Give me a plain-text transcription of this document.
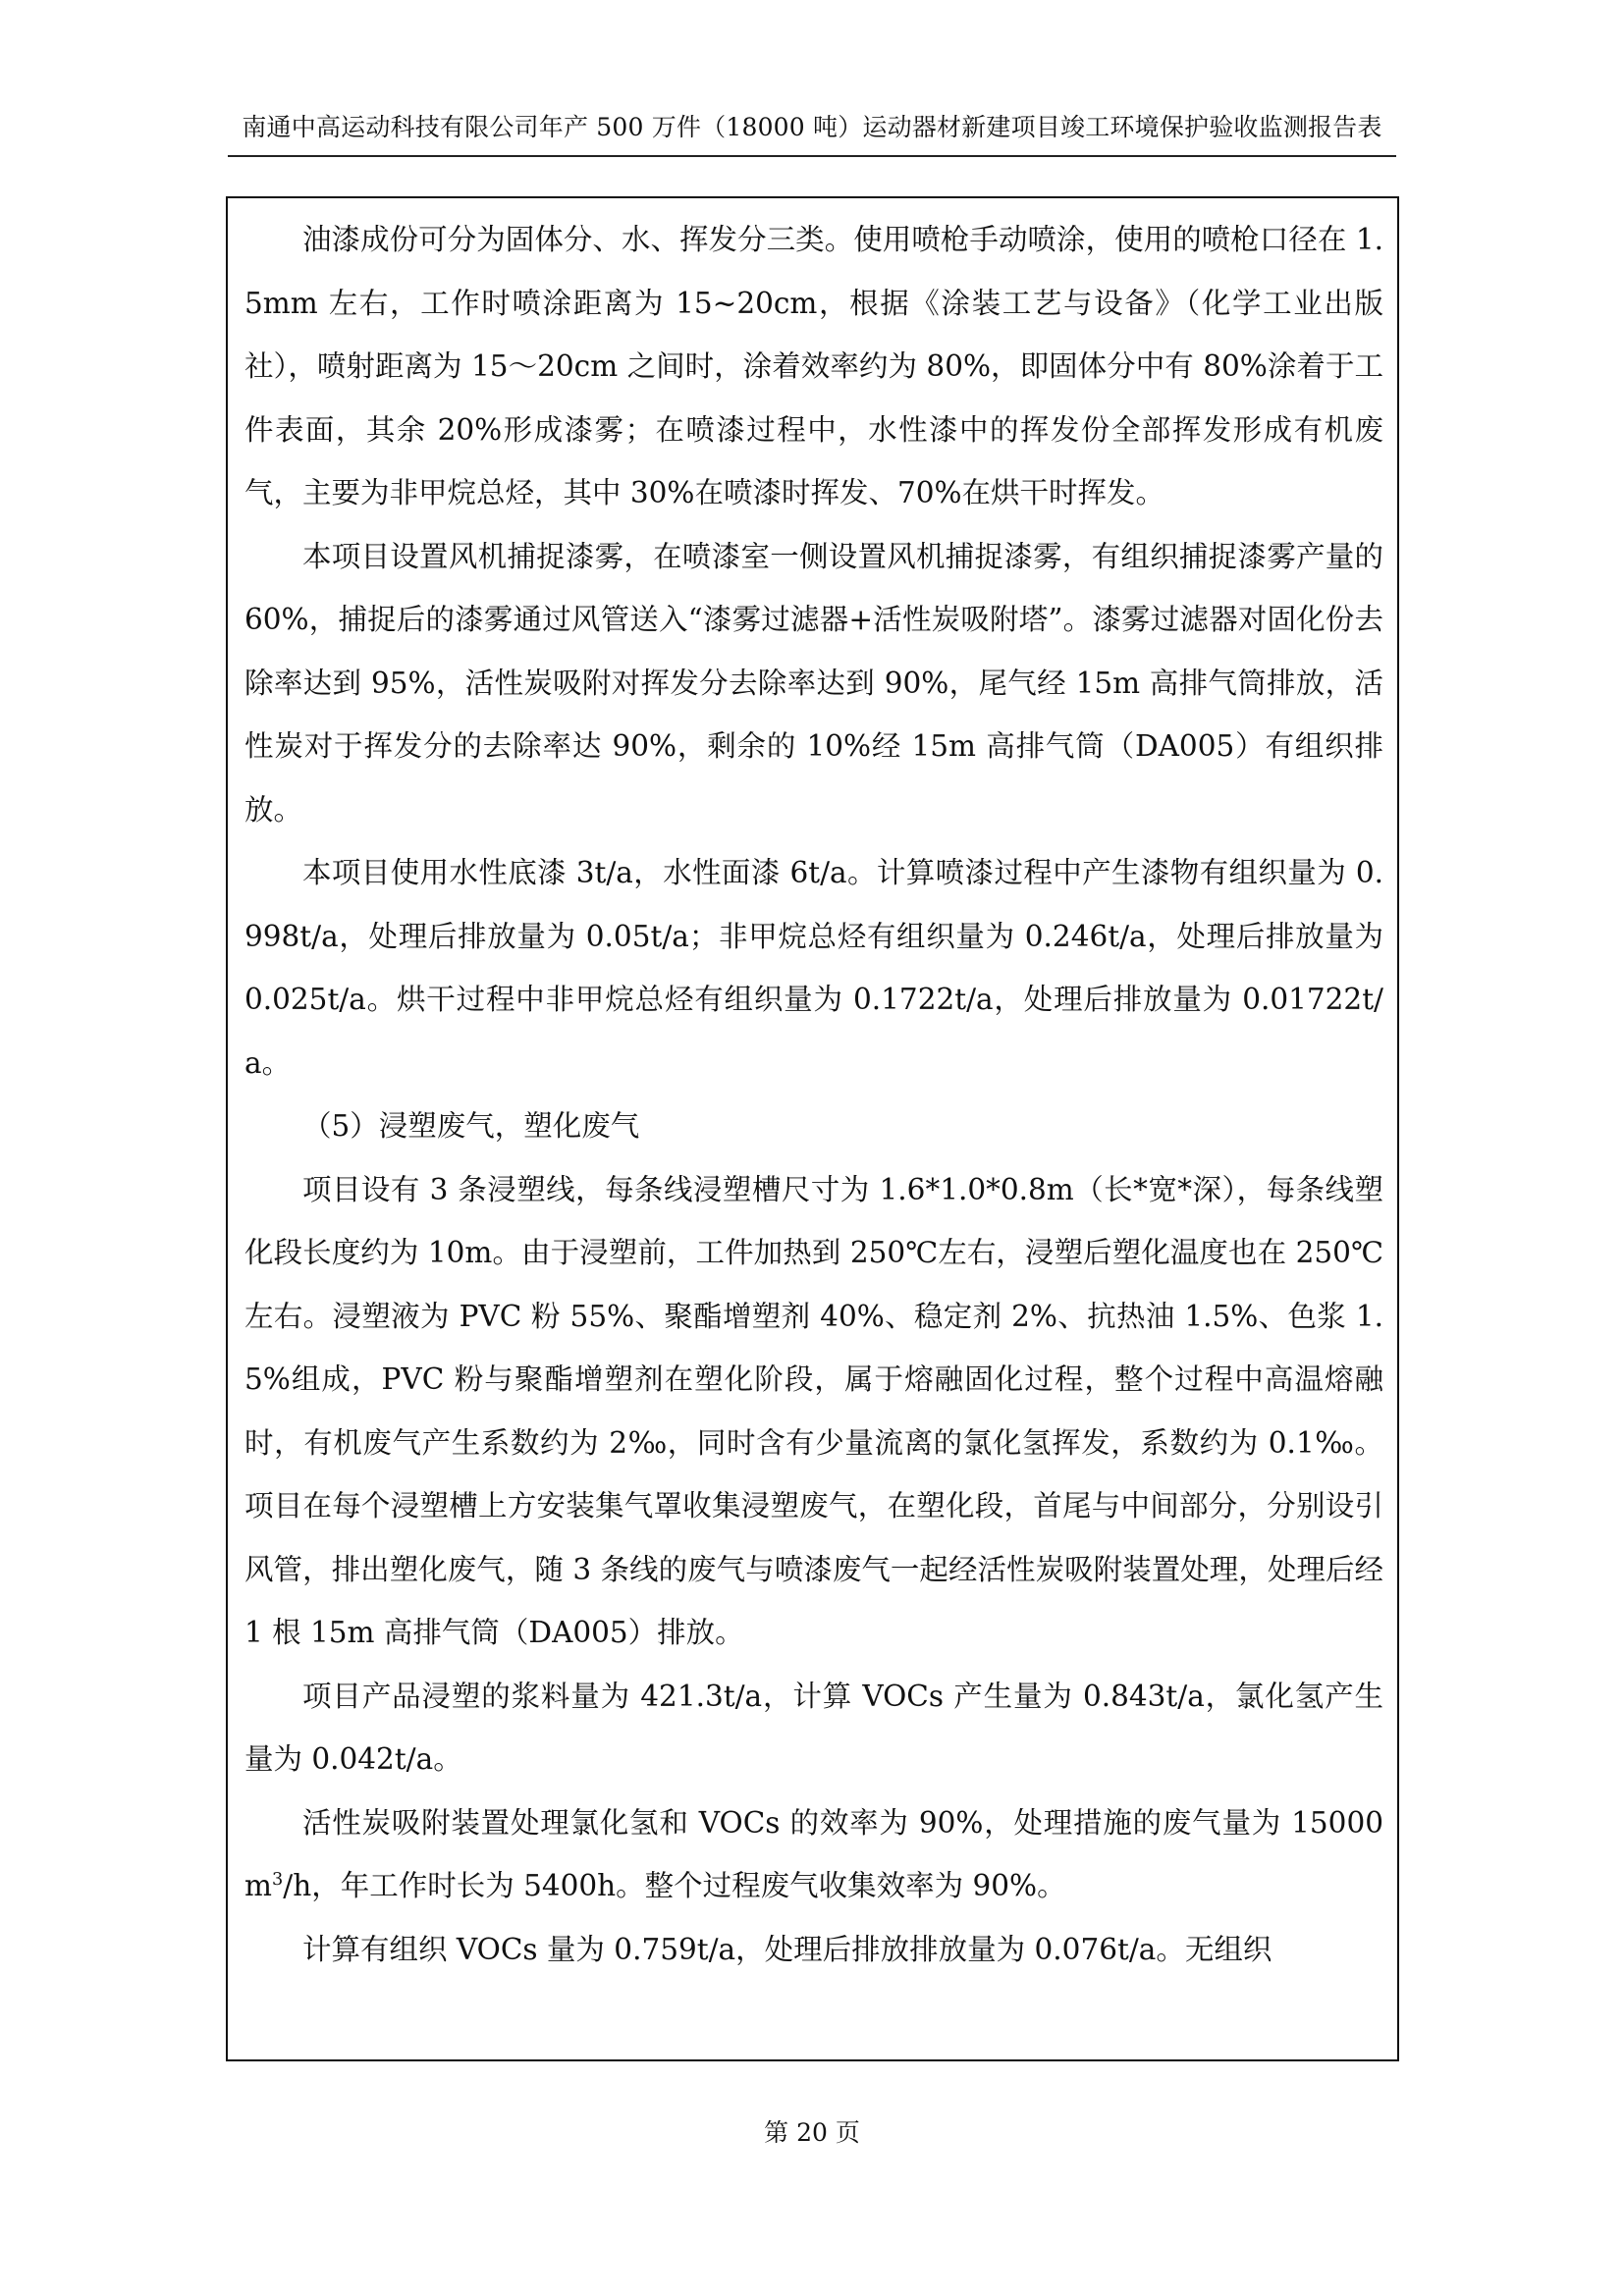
南通中高运动科技有限公司年产 500 万件（18000 吨）运动器材新建项目竣工环境保护验收监测报告表

油漆成份可分为固体分、水、挥发分三类。使用喷枪手动喷涂，使用的喷枪口径在 1.5mm 左右，工作时喷涂距离为 15~20cm，根据《涂装工艺与设备》（化学工业出版社），喷射距离为 15～20cm 之间时，涂着效率约为 80%，即固体分中有 80%涂着于工件表面，其余 20%形成漆雾；在喷漆过程中，水性漆中的挥发份全部挥发形成有机废气，主要为非甲烷总烃，其中 30%在喷漆时挥发、70%在烘干时挥发。

本项目设置风机捕捉漆雾，在喷漆室一侧设置风机捕捉漆雾，有组织捕捉漆雾产量的 60%，捕捉后的漆雾通过风管送入“漆雾过滤器+活性炭吸附塔”。漆雾过滤器对固化份去除率达到 95%，活性炭吸附对挥发分去除率达到 90%，尾气经 15m 高排气筒排放，活性炭对于挥发分的去除率达 90%，剩余的 10%经 15m 高排气筒（DA005）有组织排放。

本项目使用水性底漆 3t/a，水性面漆 6t/a。计算喷漆过程中产生漆物有组织量为 0.998t/a，处理后排放量为 0.05t/a；非甲烷总烃有组织量为 0.246t/a，处理后排放量为 0.025t/a。烘干过程中非甲烷总烃有组织量为 0.1722t/a，处理后排放量为 0.01722t/a。

（5）浸塑废气，塑化废气

项目设有 3 条浸塑线，每条线浸塑槽尺寸为 1.6*1.0*0.8m（长*宽*深），每条线塑化段长度约为 10m。由于浸塑前，工件加热到 250℃左右，浸塑后塑化温度也在 250℃左右。浸塑液为 PVC 粉 55%、聚酯增塑剂 40%、稳定剂 2%、抗热油 1.5%、色浆 1.5%组成，PVC 粉与聚酯增塑剂在塑化阶段，属于熔融固化过程，整个过程中高温熔融时，有机废气产生系数约为 2‰，同时含有少量流离的氯化氢挥发，系数约为 0.1‰。项目在每个浸塑槽上方安装集气罩收集浸塑废气，在塑化段，首尾与中间部分，分别设引风管，排出塑化废气，随 3 条线的废气与喷漆废气一起经活性炭吸附装置处理，处理后经 1 根 15m 高排气筒（DA005）排放。

项目产品浸塑的浆料量为 421.3t/a，计算 VOCs 产生量为 0.843t/a，氯化氢产生量为 0.042t/a。

活性炭吸附装置处理氯化氢和 VOCs 的效率为 90%，处理措施的废气量为 15000 $m^3/h$，年工作时长为 5400h。整个过程废气收集效率为 90%。

计算有组织 VOCs 量为 0.759t/a，处理后排放排放量为 0.076t/a。无组织

第 20 页
